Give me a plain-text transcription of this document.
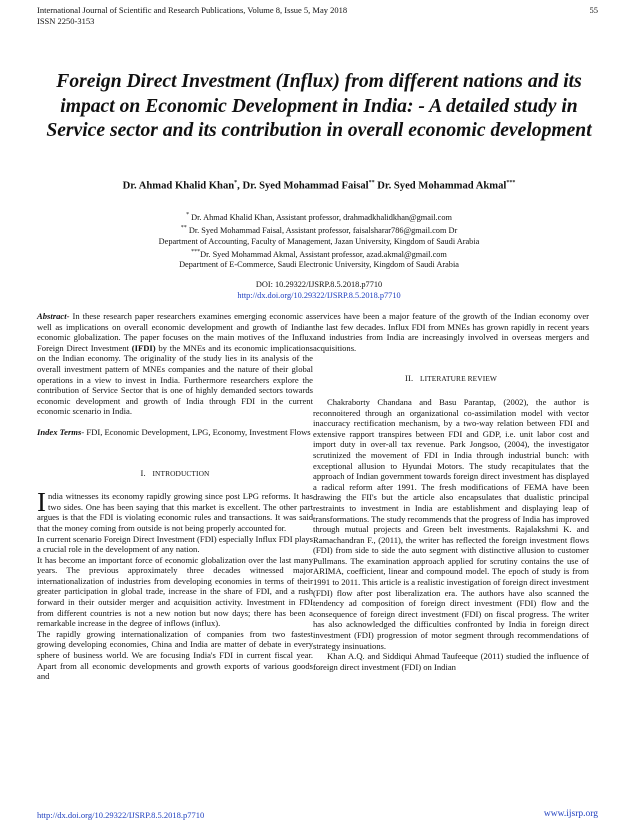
International Journal of Scientific and Research Publications, Volume 8, Issue 5, May 2018
ISSN 2250-3153
55
Foreign Direct Investment (Influx) from different nations and its impact on Economic Development in India: - A detailed study in Service sector and its contribution in overall economic development
Dr. Ahmad Khalid Khan*, Dr. Syed Mohammad Faisal** Dr. Syed Mohammad Akmal***
* Dr. Ahmad Khalid Khan, Assistant professor, drahmadkhalidkhan@gmail.com
** Dr. Syed Mohammad Faisal, Assistant professor, faisalsharar786@gmail.com Dr
Department of Accounting, Faculty of Management, Jazan University, Kingdom of Saudi Arabia
***Dr. Syed Mohammad Akmal, Assistant professor, azad.akmal@gmail.com
Department of E-Commerce, Saudi Electronic University, Kingdom of Saudi Arabia
DOI: 10.29322/IJSRP.8.5.2018.p7710
http://dx.doi.org/10.29322/IJSRP.8.5.2018.p7710

Abstract- In these research paper researchers examines emerging economic as well as implications on overall economic development and growth of Indian economic globalization. The paper focuses on the main motives of the Influx Foreign Direct Investment (IFDI) by the MNEs and its economic implications on the Indian economy. The originality of the study lies in its analysis of the overall investment pattern of MNEs companies and the nature of their global operations in a view to invest in India. Furthermore researchers explore the contribution of Service Sector that is one of highly demanded sectors towards economic development and growth of India through FDI in the current economic scenario in India.

Index Terms- FDI, Economic Development, LPG, Economy, Investment Flows

I. INTRODUCTION

India witnesses its economy rapidly growing since post LPG reforms. It has two sides. One has been saying that this market is excellent. The other part argues is that the FDI is violating economic rules and transactions. It was said that the money coming from outside is not being properly accounted for.

In current scenario Foreign Direct Investment (FDI) especially Influx FDI plays a crucial role in the development of any nation.

It has become an important force of economic globalization over the last many years. The previous approximately three decades witnessed major internationalization of industries from developing economies in terms of their greater participation in global trade, increase in the share of FDI, and a rush forward in their outsider merger and acquisition activity. Investment in FDI from different countries is not a new notion but now days; there has been a remarkable increase in the degree of inflows (influx).

The rapidly growing internationalization of companies from two fastest growing developing economies, China and India are matter of debate in every sphere of business world. We are focusing India's FDI in current fiscal year. Apart from all economic developments and growth exports of various goods and

services have been a major feature of the growth of the Indian economy over the last few decades. Influx FDI from MNEs has grown rapidly in recent years and industries from India are increasingly involved in overseas mergers and acquisitions.

II. LITERATURE REVIEW

Chakraborty Chandana and Basu Parantap, (2002), the author is reconnoitered through an organizational co-assimilation model with vector inaccuracy rectification mechanism, by a two-way relation between FDI and extensive rapport transpires between FDI and GDP, i.e. unit labor cost and import duty in over-all tax revenue. Park Jongsoo, (2004), the investigator scrutinized the movement of FDI in India through industrial bunch: with exceptional allusion to Hyundai Motors. The study recapitulates that the approach of Indian government towards foreign direct investment has displayed a radical reform after 1991. The fresh modifications of FEMA have been drawing the FII's but the article also encapsulates that dualistic principal restraints to investment in India are establishment and displaying leap of transformations. The study recommends that the progress of India has improved through mutual projects and Green belt investments. Rajalakshmi K. and Ramachandran F., (2011), the writer has reflected the foreign investment flows (FDI) from side to side the auto segment with distinctive allusion to customer Pullmans. The examination approach applied for scrutiny contains the use of ARIMA, coefficient, linear and compound model. The epoch of study is from 1991 to 2011. This article is a realistic investigation of foreign direct investment (FDI) flow after post liberalization era. The authors have also scanned the tendency ad composition of foreign direct investment (FDI) flow and the consequence of foreign direct investment (FDI) on fiscal progress. The writer has also acknowledged the difficulties confronted by India in foreign direct investment (FDI) progression of motor segment through recommendations of strategy insinuations.

Khan A.Q. and Siddiqui Ahmad Taufeeque (2011) studied the influence of foreign direct investment (FDI) on Indian

http://dx.doi.org/10.29322/IJSRP.8.5.2018.p7710	www.ijsrp.org
